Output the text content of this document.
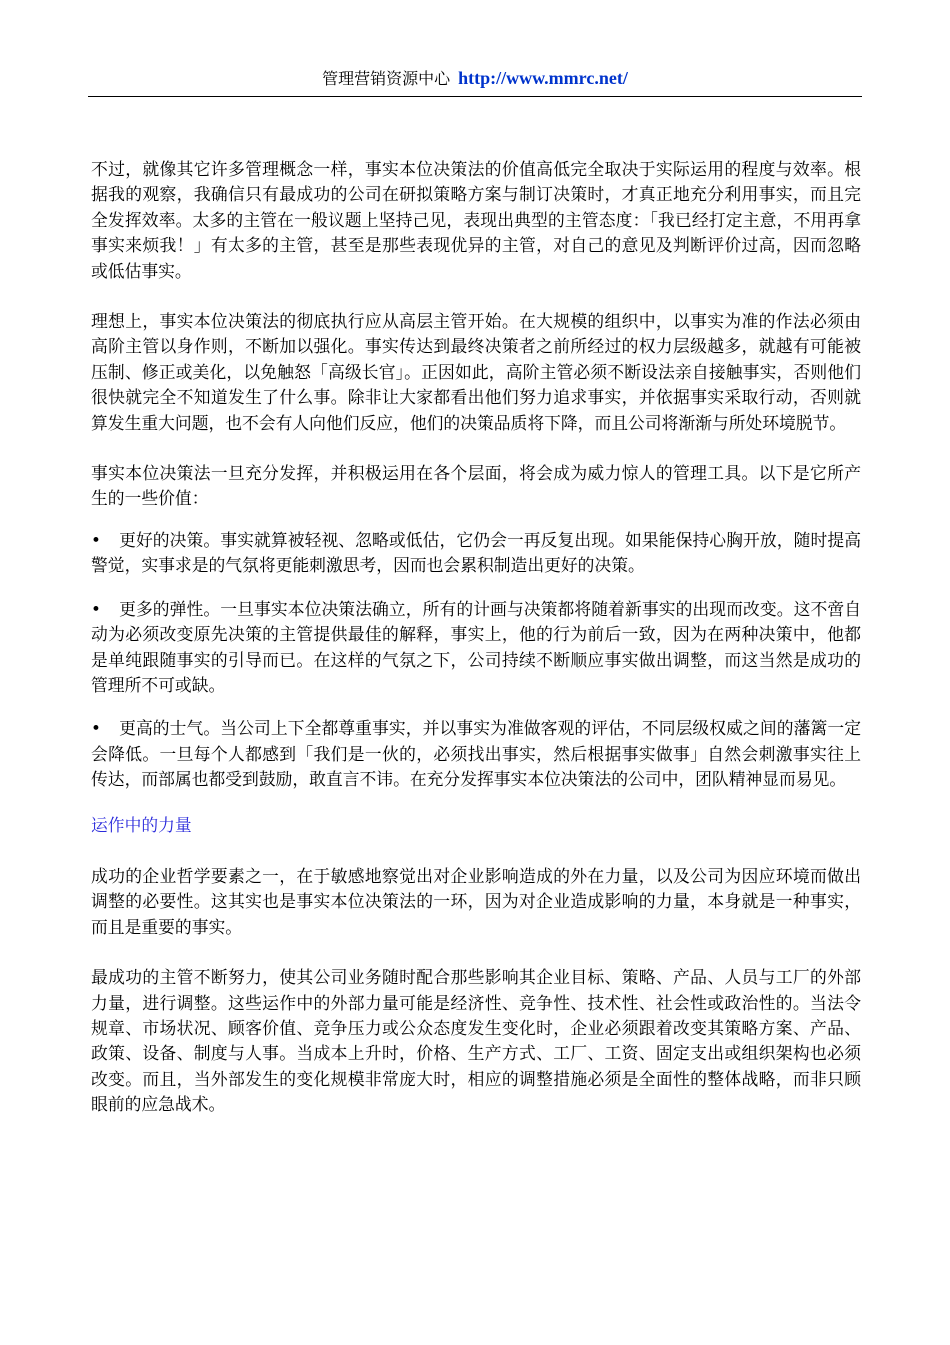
管理营销资源中心 http://www.mmrc.net/

不过，就像其它许多管理概念一样，事实本位决策法的价值高低完全取决于实际运用的程度与效率。根据我的观察，我确信只有最成功的公司在研拟策略方案与制订决策时，才真正地充分利用事实，而且完全发挥效率。太多的主管在一般议题上坚持己见，表现出典型的主管态度：「我已经打定主意，不用再拿事实来烦我！」有太多的主管，甚至是那些表现优异的主管，对自己的意见及判断评价过高，因而忽略或低估事实。

理想上，事实本位决策法的彻底执行应从高层主管开始。在大规模的组织中，以事实为准的作法必须由高阶主管以身作则，不断加以强化。事实传达到最终决策者之前所经过的权力层级越多，就越有可能被压制、修正或美化，以免触怒「高级长官」。正因如此，高阶主管必须不断设法亲自接触事实，否则他们很快就完全不知道发生了什么事。除非让大家都看出他们努力追求事实，并依据事实采取行动，否则就算发生重大问题，也不会有人向他们反应，他们的决策品质将下降，而且公司将渐渐与所处环境脱节。

事实本位决策法一旦充分发挥，并积极运用在各个层面，将会成为威力惊人的管理工具。以下是它所产生的一些价值：

• 更好的决策。事实就算被轻视、忽略或低估，它仍会一再反复出现。如果能保持心胸开放，随时提高警觉，实事求是的气氛将更能刺激思考，因而也会累积制造出更好的决策。

• 更多的弹性。一旦事实本位决策法确立，所有的计画与决策都将随着新事实的出现而改变。这不啻自动为必须改变原先决策的主管提供最佳的解释，事实上，他的行为前后一致，因为在两种决策中，他都是单纯跟随事实的引导而已。在这样的气氛之下，公司持续不断顺应事实做出调整，而这当然是成功的管理所不可或缺。

• 更高的士气。当公司上下全都尊重事实，并以事实为准做客观的评估，不同层级权威之间的藩篱一定会降低。一旦每个人都感到「我们是一伙的，必须找出事实，然后根据事实做事」自然会刺激事实往上传达，而部属也都受到鼓励，敢直言不讳。在充分发挥事实本位决策法的公司中，团队精神显而易见。

运作中的力量

成功的企业哲学要素之一，在于敏感地察觉出对企业影响造成的外在力量，以及公司为因应环境而做出调整的必要性。这其实也是事实本位决策法的一环，因为对企业造成影响的力量，本身就是一种事实，而且是重要的事实。

最成功的主管不断努力，使其公司业务随时配合那些影响其企业目标、策略、产品、人员与工厂的外部力量，进行调整。这些运作中的外部力量可能是经济性、竞争性、技术性、社会性或政治性的。当法令规章、市场状况、顾客价值、竞争压力或公众态度发生变化时，企业必须跟着改变其策略方案、产品、政策、设备、制度与人事。当成本上升时，价格、生产方式、工厂、工资、固定支出或组织架构也必须改变。而且，当外部发生的变化规模非常庞大时，相应的调整措施必须是全面性的整体战略，而非只顾眼前的应急战术。
